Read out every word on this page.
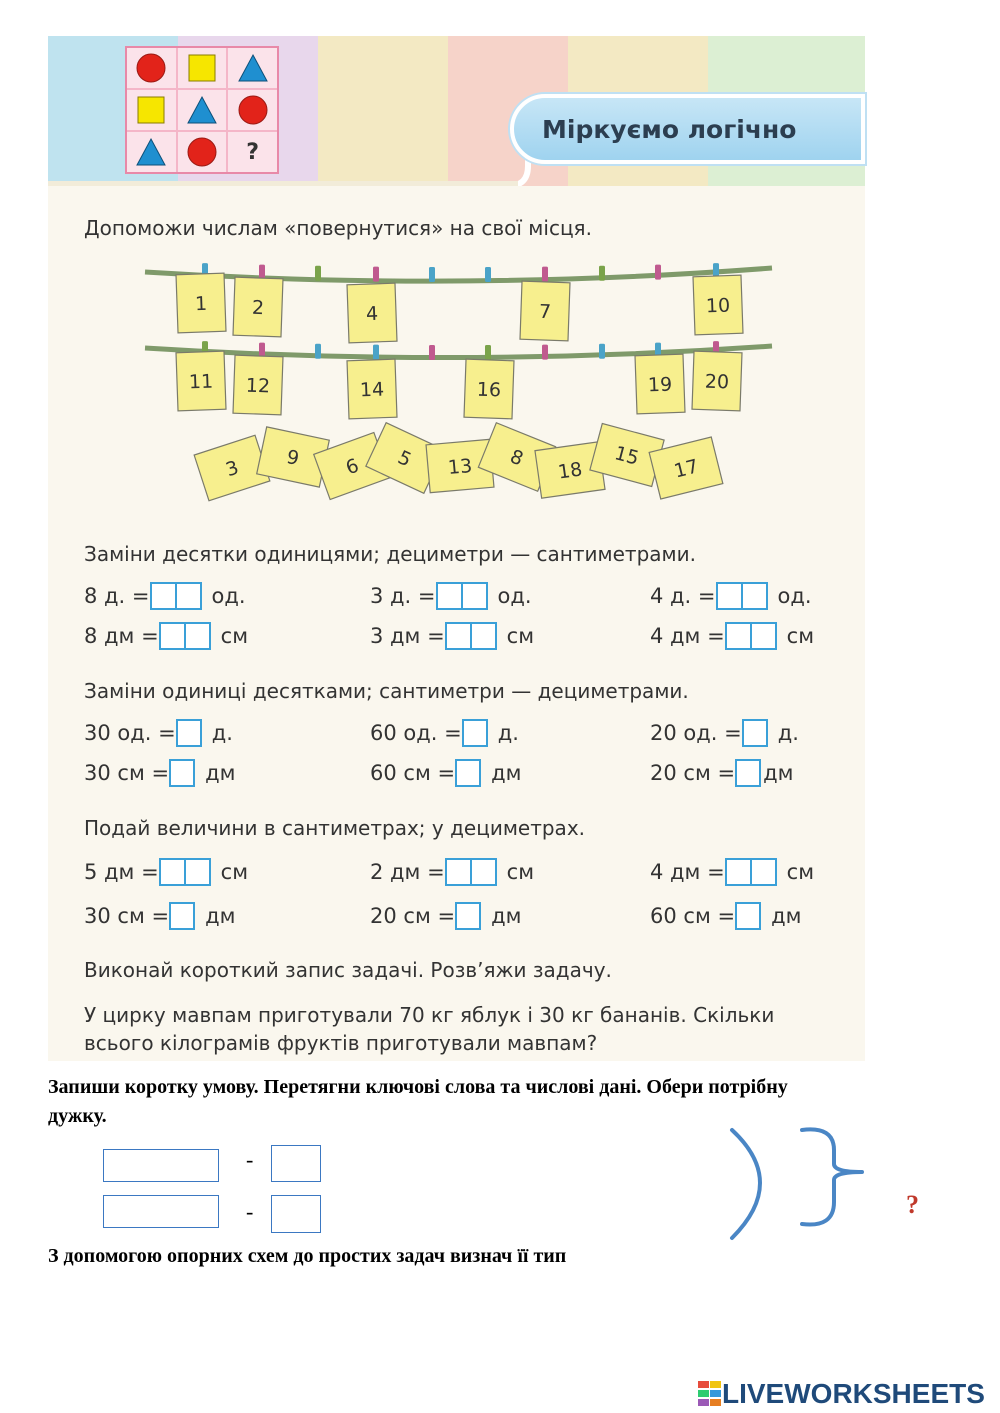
?
Міркуємо логічно
Допоможи числам «повернутися» на свої місця.
1 2	4	7	10
11 12	14	16	19 20
3 9 6 5 13 8
18
15 17
Заміни десятки одиницями; дециметри — сантиметрами.
8 д. =	од.	3 д. =	од.	4 д. =	од.
8 дм =	см	3 дм =	см	4 дм =	см
Заміни одиниці десятками; сантиметри — дециметрами.
30 од. = д.	60 од. = д.	20 од. = д.
30 см = дм	60 см = дм	20 см = дм
Подай величини в сантиметрах; у дециметрах.
5 дм =	см	2 дм =	см	4 дм =	см
30 см = дм	20 см = дм	60 см = дм
Виконай короткий запис задачі. Розв’яжи задачу.
У цирку мавпам приготували 70 кг яблук і 30 кг бананів. Скільки
всього кілограмів фруктів приготували мавпам?
Запиши коротку умову. Перетягни ключові слова та числові дані. Обери потрібну
дужку.
-
-	?
З допомогою опорних схем до простих задач визнач її тип
LIVEWORKSHEETS
